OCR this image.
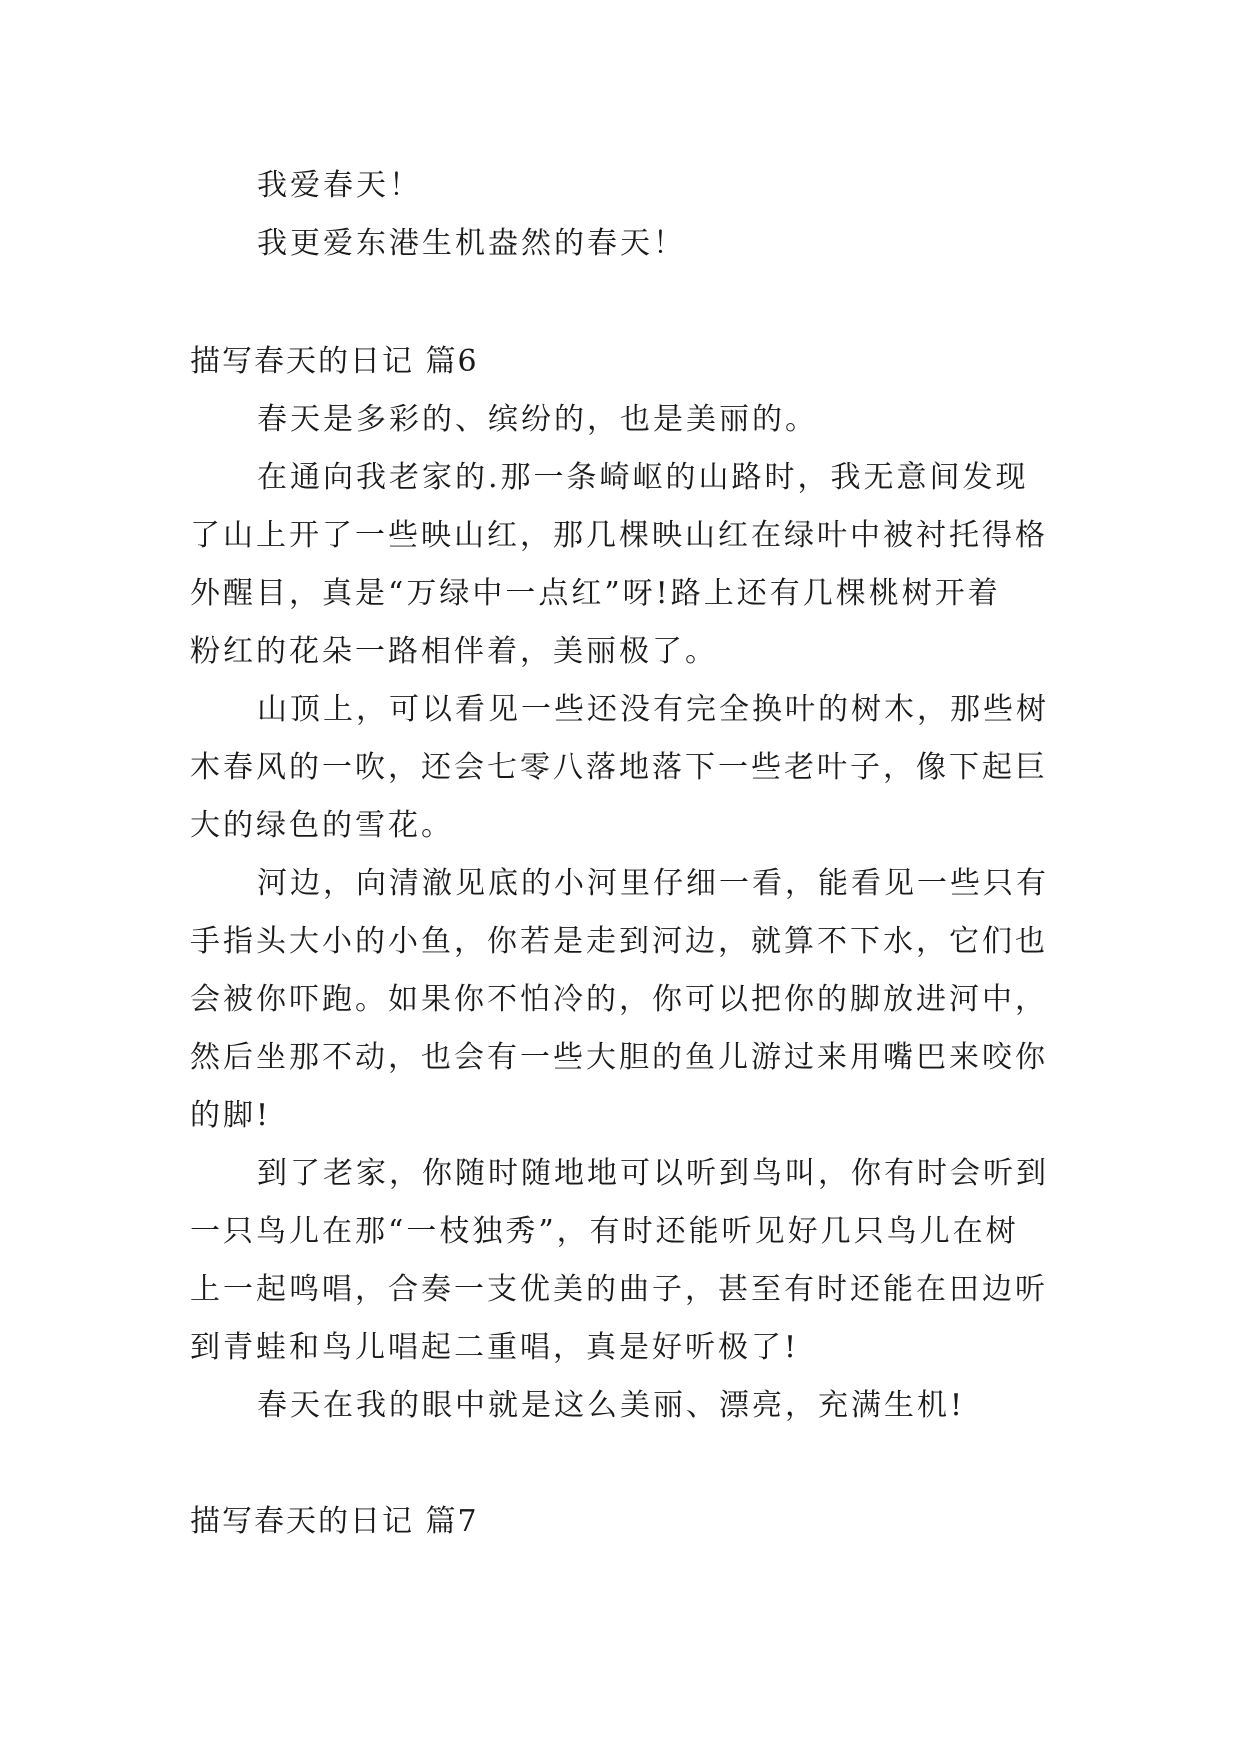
我爱春天！
我更爱东港生机盎然的春天！
描写春天的日记 篇6
春天是多彩的、缤纷的，也是美丽的。
在通向我老家的.那一条崎岖的山路时，我无意间发现
了山上开了一些映山红，那几棵映山红在绿叶中被衬托得格
外醒目，真是“万绿中一点红”呀!路上还有几棵桃树开着
粉红的花朵一路相伴着，美丽极了。
山顶上，可以看见一些还没有完全换叶的树木，那些树
木春风的一吹，还会七零八落地落下一些老叶子，像下起巨
大的绿色的雪花。
河边，向清澈见底的小河里仔细一看，能看见一些只有
手指头大小的小鱼，你若是走到河边，就算不下水，它们也
会被你吓跑。如果你不怕冷的，你可以把你的脚放进河中，
然后坐那不动，也会有一些大胆的鱼儿游过来用嘴巴来咬你
的脚!
到了老家，你随时随地地可以听到鸟叫，你有时会听到
一只鸟儿在那“一枝独秀”，有时还能听见好几只鸟儿在树
上一起鸣唱，合奏一支优美的曲子，甚至有时还能在田边听
到青蛙和鸟儿唱起二重唱，真是好听极了!
春天在我的眼中就是这么美丽、漂亮，充满生机!
描写春天的日记 篇7
